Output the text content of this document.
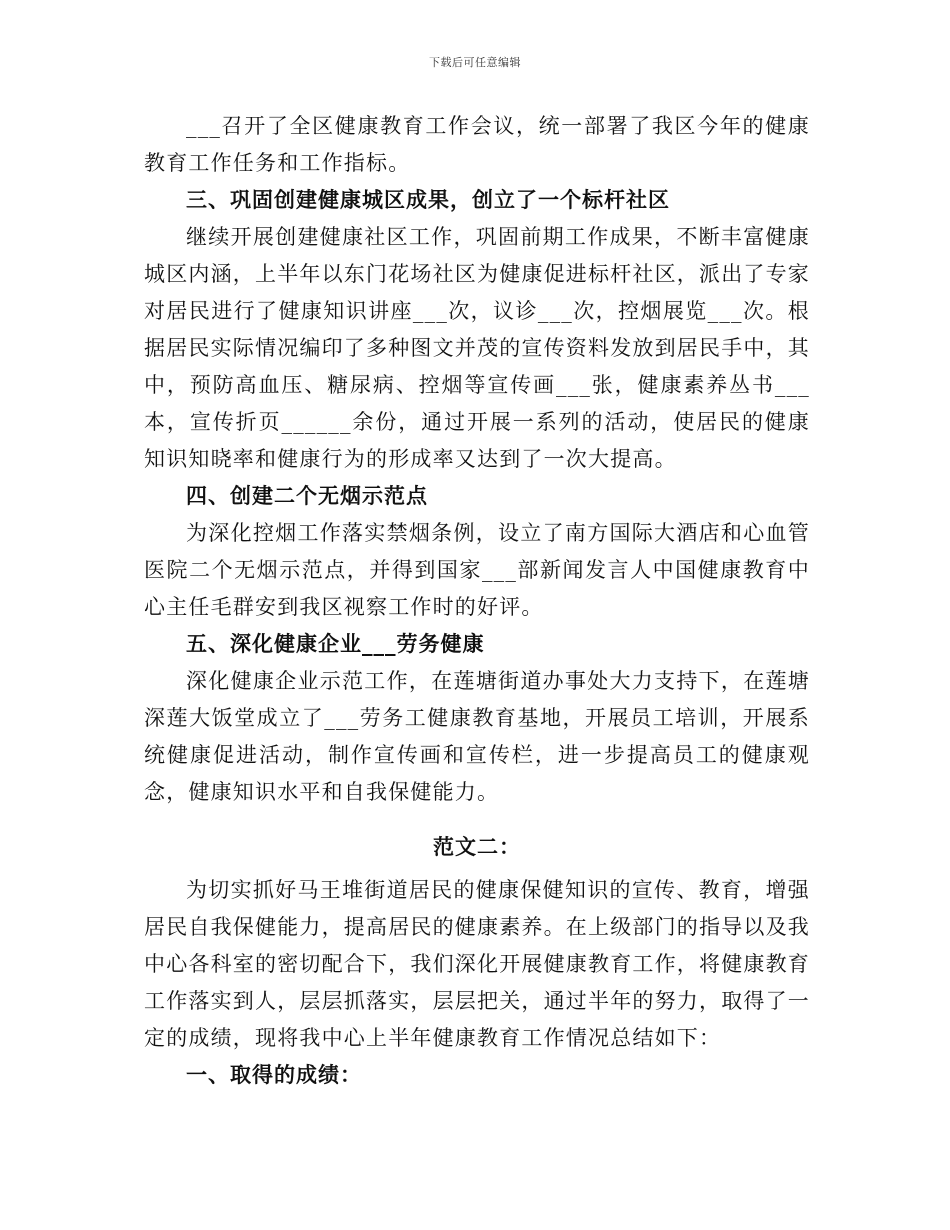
下载后可任意编辑

___召开了全区健康教育工作会议，统一部署了我区今年的健康教育工作任务和工作指标。

三、巩固创建健康城区成果，创立了一个标杆社区

继续开展创建健康社区工作，巩固前期工作成果，不断丰富健康城区内涵，上半年以东门花场社区为健康促进标杆社区，派出了专家对居民进行了健康知识讲座___次，议诊___次，控烟展览___次。根据居民实际情况编印了多种图文并茂的宣传资料发放到居民手中，其中，预防高血压、糖尿病、控烟等宣传画___张，健康素养丛书___本，宣传折页______余份，通过开展一系列的活动，使居民的健康知识知晓率和健康行为的形成率又达到了一次大提高。

四、创建二个无烟示范点

为深化控烟工作落实禁烟条例，设立了南方国际大酒店和心血管医院二个无烟示范点，并得到国家___部新闻发言人中国健康教育中心主任毛群安到我区视察工作时的好评。

五、深化健康企业___劳务健康

深化健康企业示范工作，在莲塘街道办事处大力支持下，在莲塘深莲大饭堂成立了___劳务工健康教育基地，开展员工培训，开展系统健康促进活动，制作宣传画和宣传栏，进一步提高员工的健康观念，健康知识水平和自我保健能力。

范文二：

为切实抓好马王堆街道居民的健康保健知识的宣传、教育，增强居民自我保健能力，提高居民的健康素养。在上级部门的指导以及我中心各科室的密切配合下，我们深化开展健康教育工作，将健康教育工作落实到人，层层抓落实，层层把关，通过半年的努力，取得了一定的成绩，现将我中心上半年健康教育工作情况总结如下：

一、取得的成绩：
